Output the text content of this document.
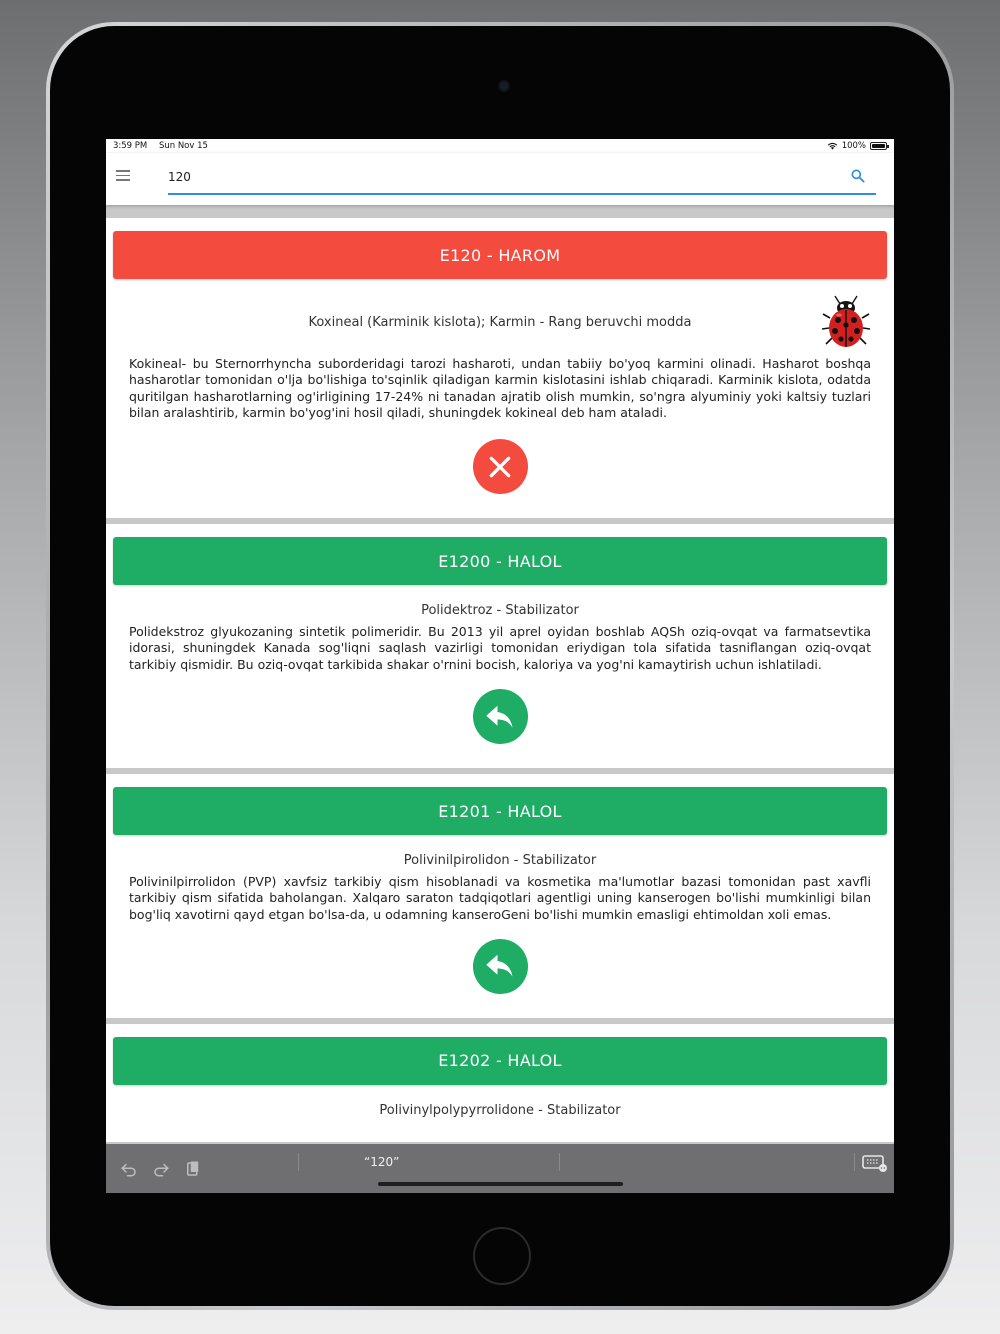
3:59 PM Sun Nov 15	100%
120
E120 - HAROM
Koxineal (Karminik kislota); Karmin - Rang beruvchi modda
Kokineal- bu Sternorrhyncha suborderidagi tarozi hasharoti, undan tabiiy bo'yoq karmini olinadi. Hasharot boshqa hasharotlar tomonidan o'lja bo'lishiga to'sqinlik qiladigan karmin kislotasini ishlab chiqaradi. Karminik kislota, odatda quritilgan hasharotlarning og'irligining 17-24% ni tanadan ajratib olish mumkin, so'ngra alyuminiy yoki kaltsiy tuzlari bilan aralashtirib, karmin bo'yog'ini hosil qiladi, shuningdek kokineal deb ham ataladi.
E1200 - HALOL
Polidektroz - Stabilizator
Polidekstroz glyukozaning sintetik polimeridir. Bu 2013 yil aprel oyidan boshlab AQSh oziq-ovqat va farmatsevtika idorasi, shuningdek Kanada sog'liqni saqlash vazirligi tomonidan eriydigan tola sifatida tasniflangan oziq-ovqat tarkibiy qismidir. Bu oziq-ovqat tarkibida shakar o'rnini bocish, kaloriya va yog'ni kamaytirish uchun ishlatiladi.
E1201 - HALOL
Polivinilpirolidon - Stabilizator
Polivinilpirrolidon (PVP) xavfsiz tarkibiy qism hisoblanadi va kosmetika ma'lumotlar bazasi tomonidan past xavfli tarkibiy qism sifatida baholangan. Xalqaro saraton tadqiqotlari agentligi uning kanserogen bo'lishi mumkinligi bilan bog'liq xavotirni qayd etgan bo'lsa-da, u odamning kanseroGeni bo'lishi mumkin emasligi ehtimoldan xoli emas.
E1202 - HALOL
Polivinylpolypyrrolidone - Stabilizator
“120”
